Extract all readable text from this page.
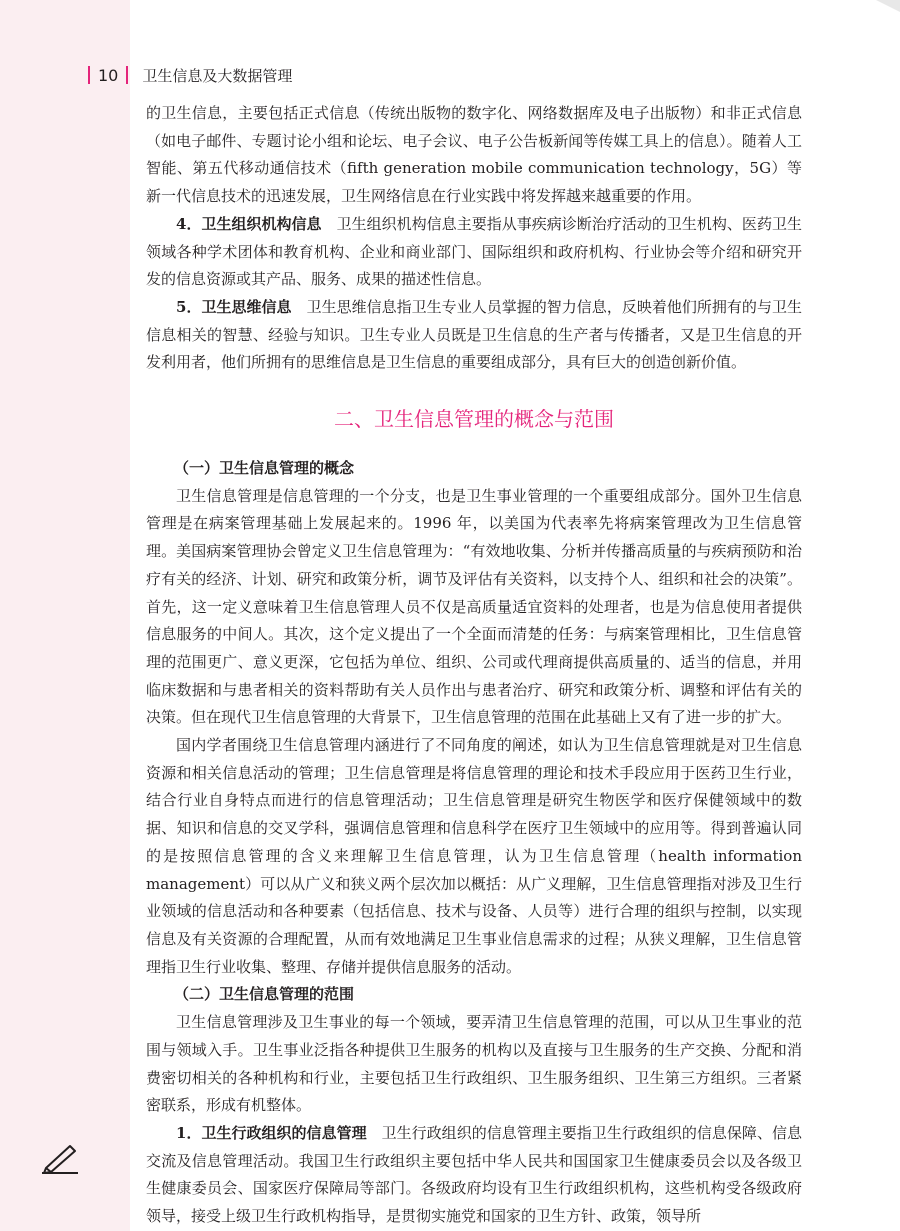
10 卫生信息及大数据管理

的卫生信息，主要包括正式信息（传统出版物的数字化、网络数据库及电子出版物）和非正式信息（如电子邮件、专题讨论小组和论坛、电子会议、电子公告板新闻等传媒工具上的信息）。随着人工智能、第五代移动通信技术（fifth generation mobile communication technology，5G）等新一代信息技术的迅速发展，卫生网络信息在行业实践中将发挥越来越重要的作用。

4．卫生组织机构信息　 卫生组织机构信息主要指从事疾病诊断治疗活动的卫生机构、医药卫生领域各种学术团体和教育机构、企业和商业部门、国际组织和政府机构、行业协会等介绍和研究开发的信息资源或其产品、服务、成果的描述性信息。

5．卫生思维信息　 卫生思维信息指卫生专业人员掌握的智力信息，反映着他们所拥有的与卫生信息相关的智慧、经验与知识。卫生专业人员既是卫生信息的生产者与传播者，又是卫生信息的开发利用者，他们所拥有的思维信息是卫生信息的重要组成部分，具有巨大的创造创新价值。

二、卫生信息管理的概念与范围
（一）卫生信息管理的概念

卫生信息管理是信息管理的一个分支，也是卫生事业管理的一个重要组成部分。国外卫生信息管理是在病案管理基础上发展起来的。1996 年，以美国为代表率先将病案管理改为卫生信息管理。美国病案管理协会曾定义卫生信息管理为：“有效地收集、分析并传播高质量的与疾病预防和治疗有关的经济、计划、研究和政策分析，调节及评估有关资料，以支持个人、组织和社会的决策”。首先，这一定义意味着卫生信息管理人员不仅是高质量适宜资料的处理者，也是为信息使用者提供信息服务的中间人。其次，这个定义提出了一个全面而清楚的任务：与病案管理相比，卫生信息管理的范围更广、意义更深，它包括为单位、组织、公司或代理商提供高质量的、适当的信息，并用临床数据和与患者相关的资料帮助有关人员作出与患者治疗、研究和政策分析、调整和评估有关的决策。但在现代卫生信息管理的大背景下，卫生信息管理的范围在此基础上又有了进一步的扩大。

国内学者围绕卫生信息管理内涵进行了不同角度的阐述，如认为卫生信息管理就是对卫生信息资源和相关信息活动的管理；卫生信息管理是将信息管理的理论和技术手段应用于医药卫生行业，结合行业自身特点而进行的信息管理活动；卫生信息管理是研究生物医学和医疗保健领域中的数据、知识和信息的交叉学科，强调信息管理和信息科学在医疗卫生领域中的应用等。得到普遍认同的是按照信息管理的含义来理解卫生信息管理，认为卫生信息管理（health information management）可以从广义和狭义两个层次加以概括：从广义理解，卫生信息管理指对涉及卫生行业领域的信息活动和各种要素（包括信息、技术与设备、人员等）进行合理的组织与控制，以实现信息及有关资源的合理配置，从而有效地满足卫生事业信息需求的过程；从狭义理解，卫生信息管理指卫生行业收集、整理、存储并提供信息服务的活动。

（二）卫生信息管理的范围

卫生信息管理涉及卫生事业的每一个领域，要弄清卫生信息管理的范围，可以从卫生事业的范围与领域入手。卫生事业泛指各种提供卫生服务的机构以及直接与卫生服务的生产交换、分配和消费密切相关的各种机构和行业，主要包括卫生行政组织、卫生服务组织、卫生第三方组织。三者紧密联系，形成有机整体。

1．卫生行政组织的信息管理　 卫生行政组织的信息管理主要指卫生行政组织的信息保障、信息交流及信息管理活动。我国卫生行政组织主要包括中华人民共和国国家卫生健康委员会以及各级卫生健康委员会、国家医疗保障局等部门。各级政府均设有卫生行政组织机构，这些机构受各级政府领导，接受上级卫生行政机构指导，是贯彻实施党和国家的卫生方针、政策，领导所
